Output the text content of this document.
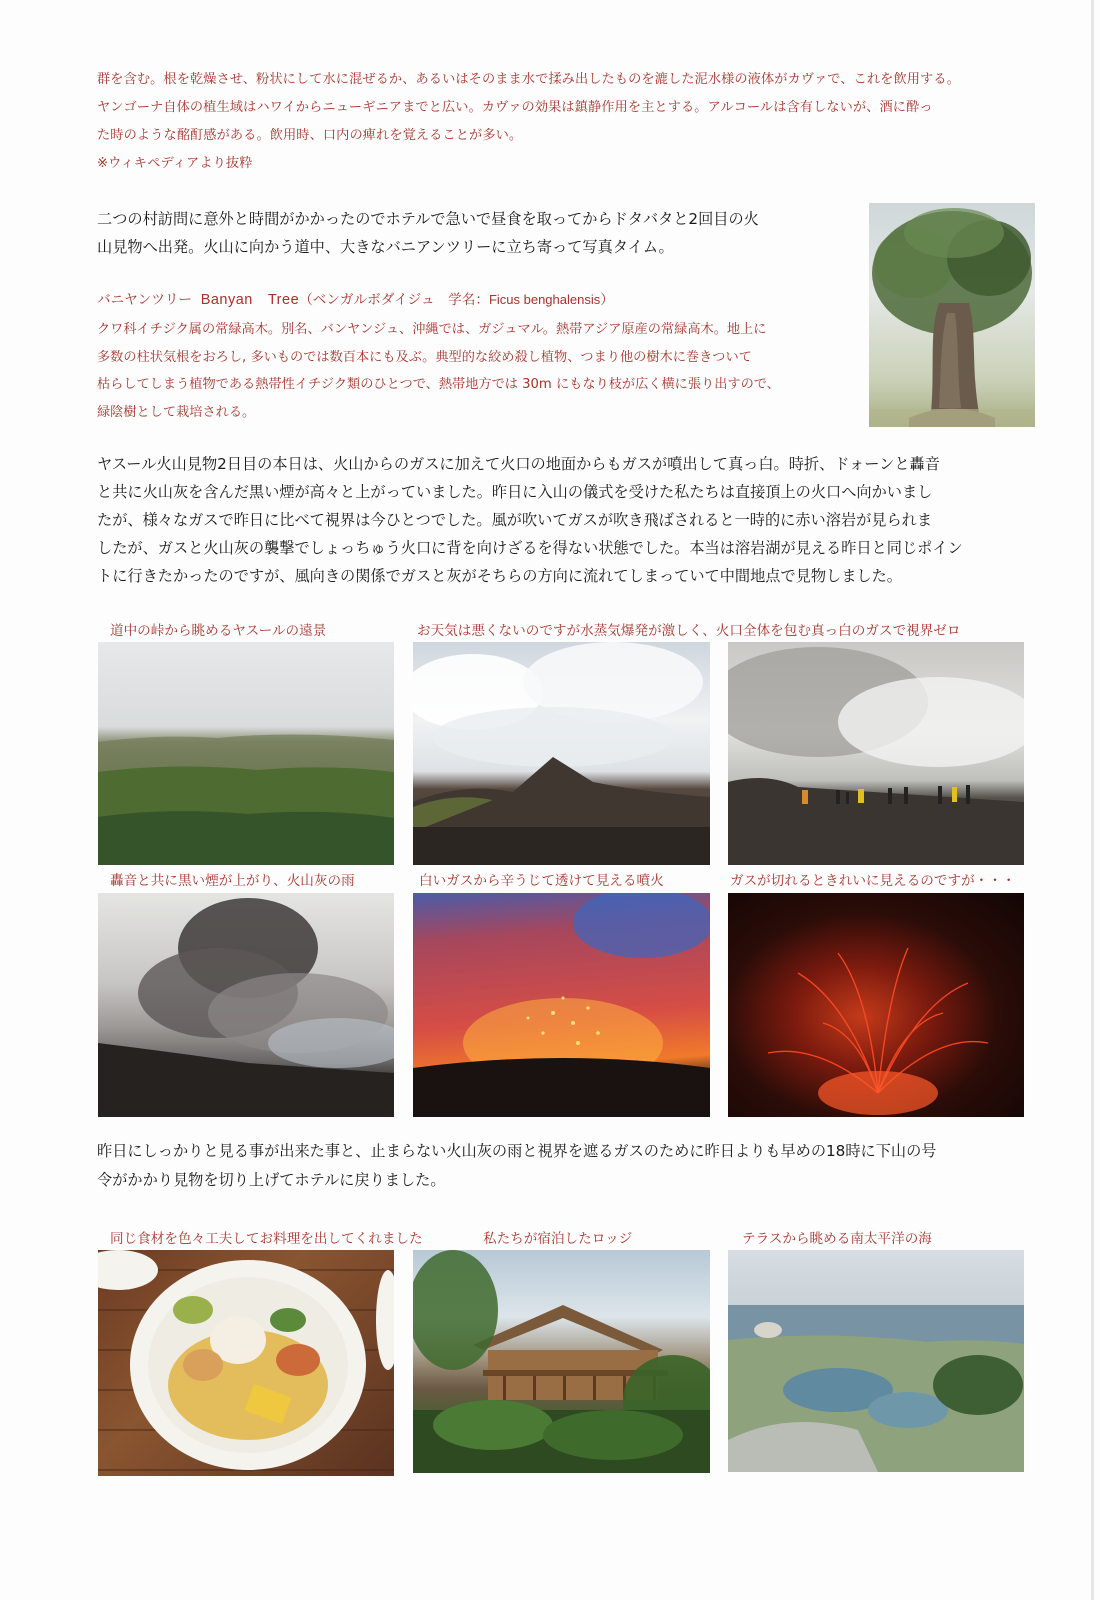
群を含む。根を乾燥させ、粉状にして水に混ぜるか、あるいはそのまま水で揉み出したものを漉した泥水様の液体がカヴァで、これを飲用する。

ヤンゴーナ自体の植生域はハワイからニューギニアまでと広い。カヴァの効果は鎮静作用を主とする。アルコールは含有しないが、酒に酔っ

た時のような酩酊感がある。飲用時、口内の痺れを覚えることが多い。

※ウィキペディアより抜粋

二つの村訪問に意外と時間がかかったのでホテルで急いで昼食を取ってからドタバタと2回目の火

山見物へ出発。火山に向かう道中、大きなバニアンツリーに立ち寄って写真タイム。

バニヤンツリー Banyan　Tree（ベンガルボダイジュ　学名：Ficus benghalensis）

クワ科イチジク属の常緑高木。別名、バンヤンジュ、沖縄では、ガジュマル。熱帯アジア原産の常緑高木。地上に

多数の柱状気根をおろし, 多いものでは数百本にも及ぶ。典型的な絞め殺し植物、つまり他の樹木に巻きついて

枯らしてしまう植物である熱帯性イチジク類のひとつで、熱帯地方では 30m にもなり枝が広く横に張り出すので、

緑陰樹として栽培される。

ヤスール火山見物2日目の本日は、火山からのガスに加えて火口の地面からもガスが噴出して真っ白。時折、ドォーンと轟音

と共に火山灰を含んだ黒い煙が高々と上がっていました。昨日に入山の儀式を受けた私たちは直接頂上の火口へ向かいまし

たが、様々なガスで昨日に比べて視界は今ひとつでした。風が吹いてガスが吹き飛ばされると一時的に赤い溶岩が見られま

したが、ガスと火山灰の襲撃でしょっちゅう火口に背を向けざるを得ない状態でした。本当は溶岩湖が見える昨日と同じポイン

トに行きたかったのですが、風向きの関係でガスと灰がそちらの方向に流れてしまっていて中間地点で見物しました。

道中の峠から眺めるヤスールの遠景	お天気は悪くないのですが水蒸気爆発が激しく、火口全体を包む真っ白のガスで視界ゼロ
轟音と共に黒い煙が上がり、火山灰の雨	白いガスから辛うじて透けて見える噴火	ガスが切れるときれいに見えるのですが・・・

昨日にしっかりと見る事が出来た事と、止まらない火山灰の雨と視界を遮るガスのために昨日よりも早めの18時に下山の号

令がかかり見物を切り上げてホテルに戻りました。

同じ食材を色々工夫してお料理を出してくれました	私たちが宿泊したロッジ	テラスから眺める南太平洋の海
